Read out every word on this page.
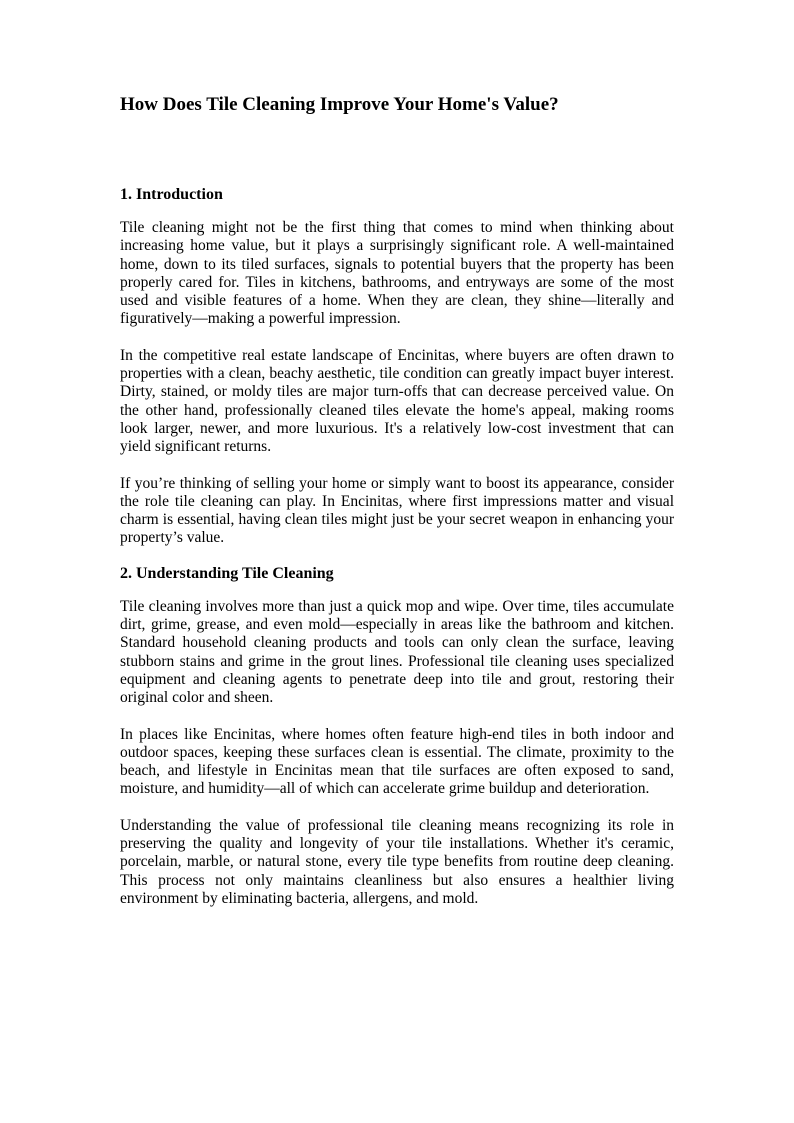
How Does Tile Cleaning Improve Your Home's Value?
1. Introduction

Tile cleaning might not be the first thing that comes to mind when thinking about increasing home value, but it plays a surprisingly significant role. A well-maintained home, down to its tiled surfaces, signals to potential buyers that the property has been properly cared for. Tiles in kitchens, bathrooms, and entryways are some of the most used and visible features of a home. When they are clean, they shine—literally and figuratively—making a powerful impression.

In the competitive real estate landscape of Encinitas, where buyers are often drawn to properties with a clean, beachy aesthetic, tile condition can greatly impact buyer interest. Dirty, stained, or moldy tiles are major turn-offs that can decrease perceived value. On the other hand, professionally cleaned tiles elevate the home's appeal, making rooms look larger, newer, and more luxurious. It's a relatively low-cost investment that can yield significant returns.

If you’re thinking of selling your home or simply want to boost its appearance, consider the role tile cleaning can play. In Encinitas, where first impressions matter and visual charm is essential, having clean tiles might just be your secret weapon in enhancing your property’s value.

2. Understanding Tile Cleaning

Tile cleaning involves more than just a quick mop and wipe. Over time, tiles accumulate dirt, grime, grease, and even mold—especially in areas like the bathroom and kitchen. Standard household cleaning products and tools can only clean the surface, leaving stubborn stains and grime in the grout lines. Professional tile cleaning uses specialized equipment and cleaning agents to penetrate deep into tile and grout, restoring their original color and sheen.

In places like Encinitas, where homes often feature high-end tiles in both indoor and outdoor spaces, keeping these surfaces clean is essential. The climate, proximity to the beach, and lifestyle in Encinitas mean that tile surfaces are often exposed to sand, moisture, and humidity—all of which can accelerate grime buildup and deterioration.

Understanding the value of professional tile cleaning means recognizing its role in preserving the quality and longevity of your tile installations. Whether it's ceramic, porcelain, marble, or natural stone, every tile type benefits from routine deep cleaning. This process not only maintains cleanliness but also ensures a healthier living environment by eliminating bacteria, allergens, and mold.
